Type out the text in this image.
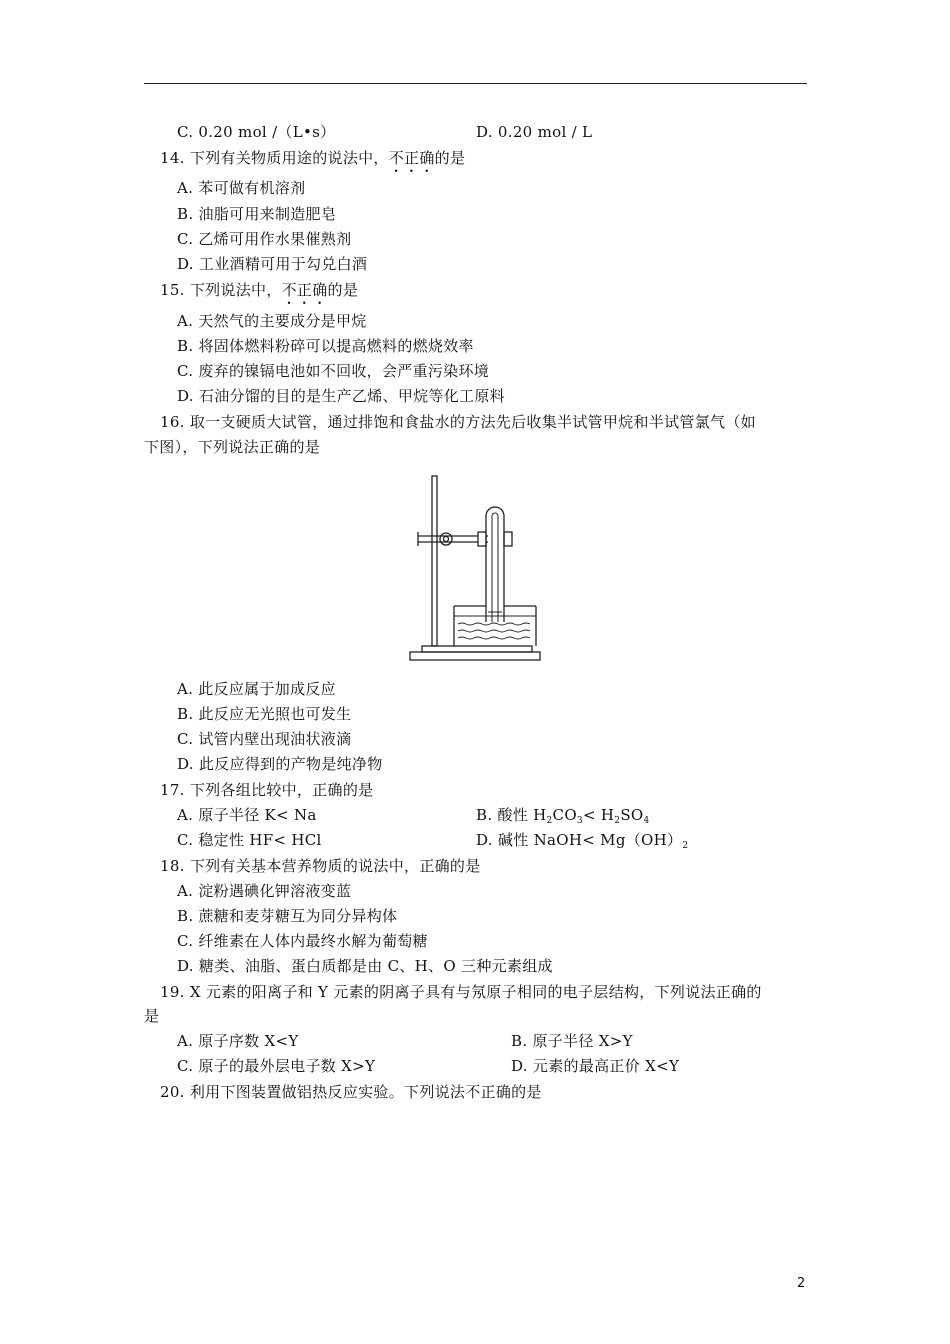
C. 0.20 mol /（L•s）	D. 0.20 mol / L
14. 下列有关物质用途的说法中，不正确的是
A. 苯可做有机溶剂
B. 油脂可用来制造肥皂
C. 乙烯可用作水果催熟剂
D. 工业酒精可用于勾兑白酒
15. 下列说法中，不正确的是
A. 天然气的主要成分是甲烷
B. 将固体燃料粉碎可以提高燃料的燃烧效率
C. 废弃的镍镉电池如不回收，会严重污染环境
D. 石油分馏的目的是生产乙烯、甲烷等化工原料
16. 取一支硬质大试管，通过排饱和食盐水的方法先后收集半试管甲烷和半试管氯气（如
下图），下列说法正确的是
A. 此反应属于加成反应
B. 此反应无光照也可发生
C. 试管内壁出现油状液滴
D. 此反应得到的产物是纯净物
17. 下列各组比较中，正确的是
A. 原子半径 K< Na	B. 酸性 $H_2CO_3< H_2SO_4$
C. 稳定性 HF< HCl	D. 碱性 NaOH< $Mg(OH)_2$
18. 下列有关基本营养物质的说法中，正确的是
A. 淀粉遇碘化钾溶液变蓝
B. 蔗糖和麦芽糖互为同分异构体
C. 纤维素在人体内最终水解为葡萄糖
D. 糖类、油脂、蛋白质都是由 C、H、O 三种元素组成
19. X 元素的阳离子和 Y 元素的阴离子具有与氖原子相同的电子层结构，下列说法正确的
是
A. 原子序数 X<Y	B. 原子半径 X>Y
C. 原子的最外层电子数 X>Y	D. 元素的最高正价 X<Y
20. 利用下图装置做铝热反应实验。下列说法不正确的是
2
